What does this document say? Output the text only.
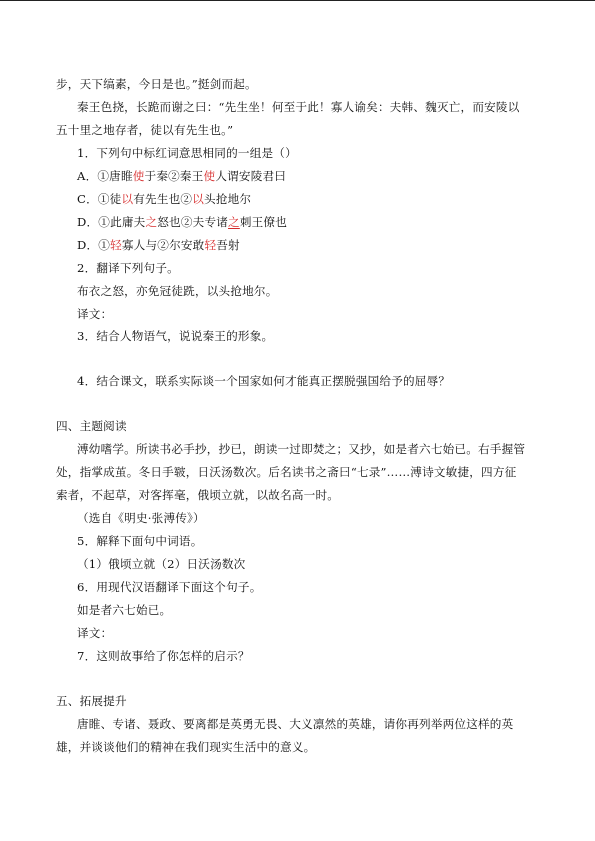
步，天下缟素，今日是也。”挺剑而起。
秦王色挠，长跪而谢之曰：“先生坐！何至于此！寡人谕矣：夫韩、魏灭亡，而安陵以
五十里之地存者，徒以有先生也。”
1．下列句中标红词意思相同的一组是（）
A．①唐睢使于秦②秦王使人谓安陵君曰
C．①徒以有先生也②以头抢地尔
D．①此庸夫之怒也②夫专诸之刺王僚也
D．①轻寡人与②尔安敢轻吾射
2．翻译下列句子。
布衣之怒，亦免冠徒跣，以头抢地尔。
译文：
3．结合人物语气，说说秦王的形象。
4．结合课文，联系实际谈一个国家如何才能真正摆脱强国给予的屈辱？
四、主题阅读
溥幼嗜学。所读书必手抄，抄已，朗读一过即焚之；又抄，如是者六七始已。右手握管
处，指掌成茧。冬日手皲，日沃汤数次。后名读书之斋曰“七录”……溥诗文敏捷，四方征
索者，不起草，对客挥毫，俄顷立就，以故名高一时。
（选自《明史·张溥传》）
5．解释下面句中词语。
（1）俄顷立就（2）日沃汤数次
6．用现代汉语翻译下面这个句子。
如是者六七始已。
译文：
7．这则故事给了你怎样的启示？
五、拓展提升
唐睢、专诸、聂政、要离都是英勇无畏、大义凛然的英雄，请你再列举两位这样的英
雄，并谈谈他们的精神在我们现实生活中的意义。
